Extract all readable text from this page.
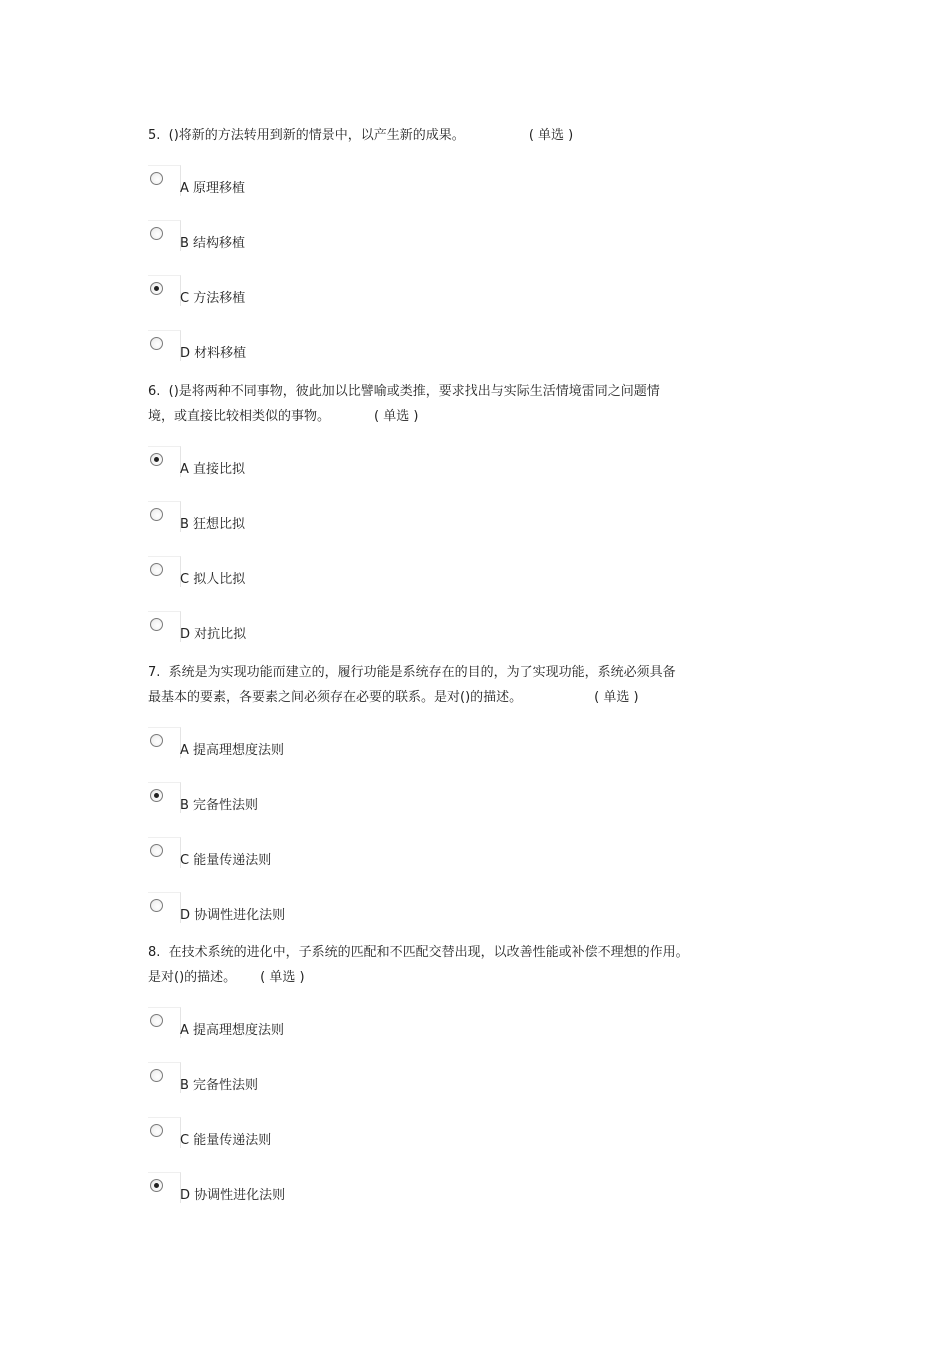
5.  ()将新的方法转用到新的情景中，以产生新的成果。	( 单选 )

A 原理移植
B 结构移植
C 方法移植
D 材料移植

6.  ()是将两种不同事物，彼此加以比譬喻或类推，要求找出与实际生活情境雷同之问题情
境，或直接比较相类似的事物。	( 单选 )

A 直接比拟
B 狂想比拟
C 拟人比拟
D 对抗比拟

7.  系统是为实现功能而建立的，履行功能是系统存在的目的，为了实现功能，系统必须具备
最基本的要素，各要素之间必须存在必要的联系。是对()的描述。	( 单选 )

A 提高理想度法则
B 完备性法则
C 能量传递法则
D 协调性进化法则

8.  在技术系统的进化中，子系统的匹配和不匹配交替出现，以改善性能或补偿不理想的作用。
是对()的描述。 ( 单选 )

A 提高理想度法则
B 完备性法则
C 能量传递法则
D 协调性进化法则
